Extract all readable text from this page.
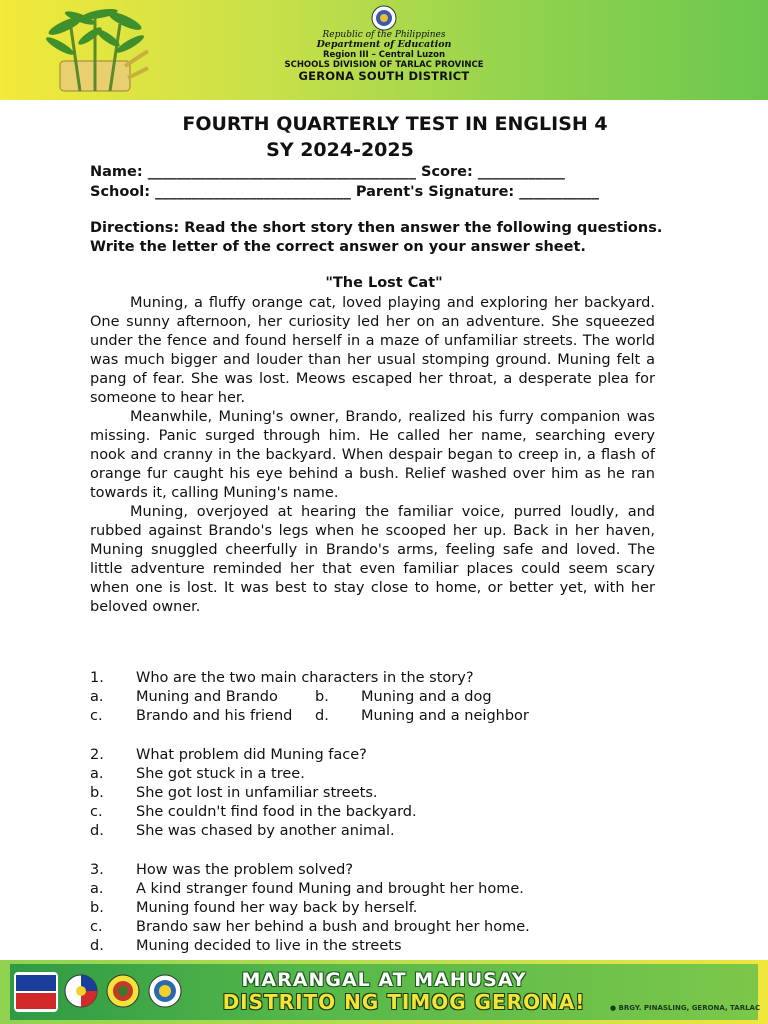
Republic of the Philippines
Department of Education
Region III – Central Luzon
SCHOOLS DIVISION OF TARLAC PROVINCE
GERONA SOUTH DISTRICT
FOURTH QUARTERLY TEST IN ENGLISH 4
SY 2024-2025
Name: _____________________________________ Score: ____________
School: ___________________________ Parent's Signature: ___________
Directions: Read the short story then answer the following questions. Write the letter of the correct answer on your answer sheet.
"The Lost Cat"

Muning, a fluffy orange cat, loved playing and exploring her backyard. One sunny afternoon, her curiosity led her on an adventure. She squeezed under the fence and found herself in a maze of unfamiliar streets. The world was much bigger and louder than her usual stomping ground. Muning felt a pang of fear. She was lost. Meows escaped her throat, a desperate plea for someone to hear her.

Meanwhile, Muning's owner, Brando, realized his furry companion was missing. Panic surged through him. He called her name, searching every nook and cranny in the backyard. When despair began to creep in, a flash of orange fur caught his eye behind a bush. Relief washed over him as he ran towards it, calling Muning's name.

Muning, overjoyed at hearing the familiar voice, purred loudly, and rubbed against Brando's legs when he scooped her up. Back in her haven, Muning snuggled cheerfully in Brando's arms, feeling safe and loved. The little adventure reminded her that even familiar places could seem scary when one is lost. It was best to stay close to home, or better yet, with her beloved owner.

1.	Who are the two main characters in the story?
a.	Muning and Brando	b.	Muning and a dog
c.	Brando and his friend d.	Muning and a neighbor
2.	What problem did Muning face?
a.	She got stuck in a tree.
b.	She got lost in unfamiliar streets.
c.	She couldn't find food in the backyard.
d.	She was chased by another animal.
3.	How was the problem solved?
a.	A kind stranger found Muning and brought her home.
b.	Muning found her way back by herself.
c.	Brando saw her behind a bush and brought her home.
d.	Muning decided to live in the streets
MARANGAL AT MAHUSAY
DISTRITO NG TIMOG GERONA!	● BRGY. PINASLING, GERONA, TARLAC
